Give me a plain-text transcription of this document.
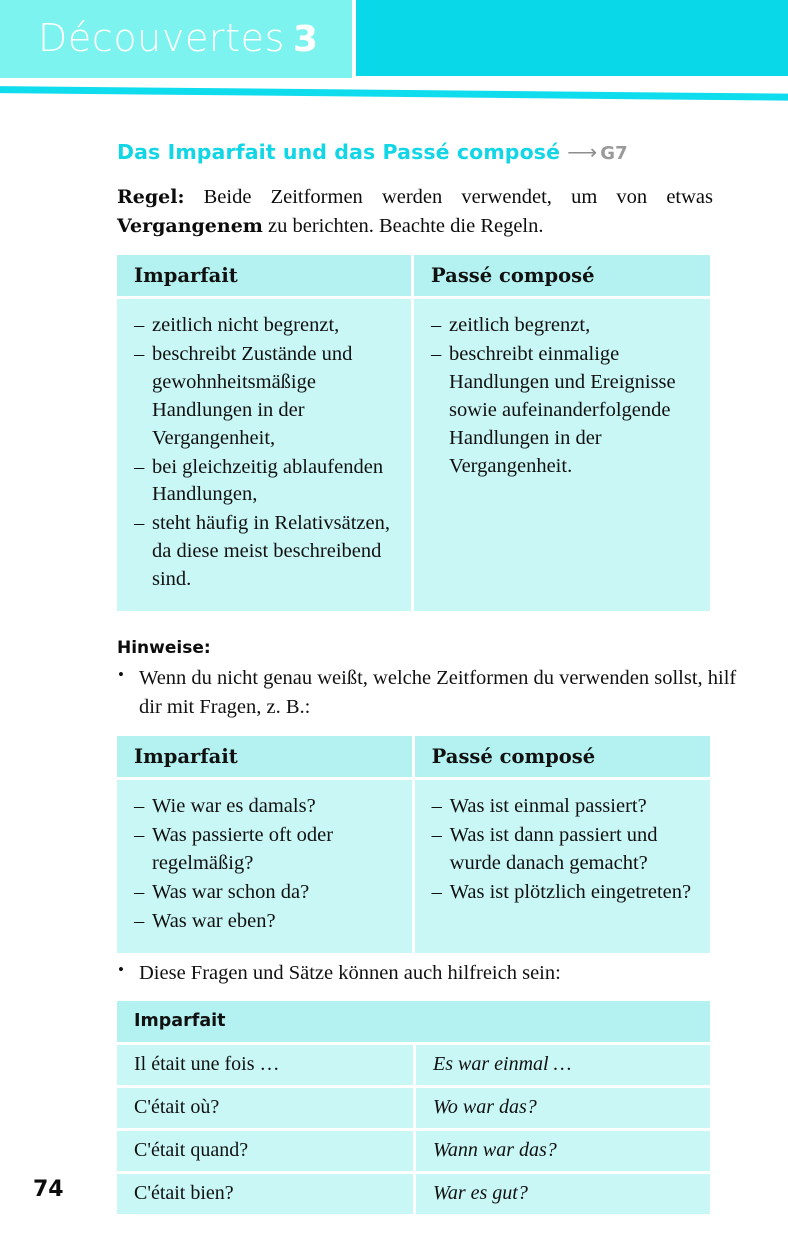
Découvertes 3
Das Imparfait und das Passé composé ⟶ G7

Regel: Beide Zeitformen werden verwendet, um von etwas Vergangenem zu berichten. Beachte die Regeln.

Imparfait	Passé composé

– zeitlich nicht begrenzt,
– beschreibt Zustände und gewohnheitsmäßige Handlungen in der Vergangenheit,
– bei gleichzeitig ablaufenden Handlungen,
– steht häufig in Relativsätzen, da diese meist beschreibend sind.

– zeitlich begrenzt,
– beschreibt einmalige Handlungen und Ereignisse sowie aufeinanderfolgende Handlungen in der Vergangenheit.
Hinweise:

• Wenn du nicht genau weißt, welche Zeitformen du verwenden sollst, hilf dir mit Fragen, z. B.:

Imparfait	Passé composé

– Wie war es damals?
– Was passierte oft oder regelmäßig?
– Was war schon da?
– Was war eben?

– Was ist einmal passiert?
– Was ist dann passiert und wurde danach gemacht?
– Was ist plötzlich eingetreten?

• Diese Fragen und Sätze können auch hilfreich sein:

Imparfait	
Il était une fois …	Es war einmal …
C'était où?	Wo war das?
C'était quand?	Wann war das?
C'était bien?	War es gut?
74
